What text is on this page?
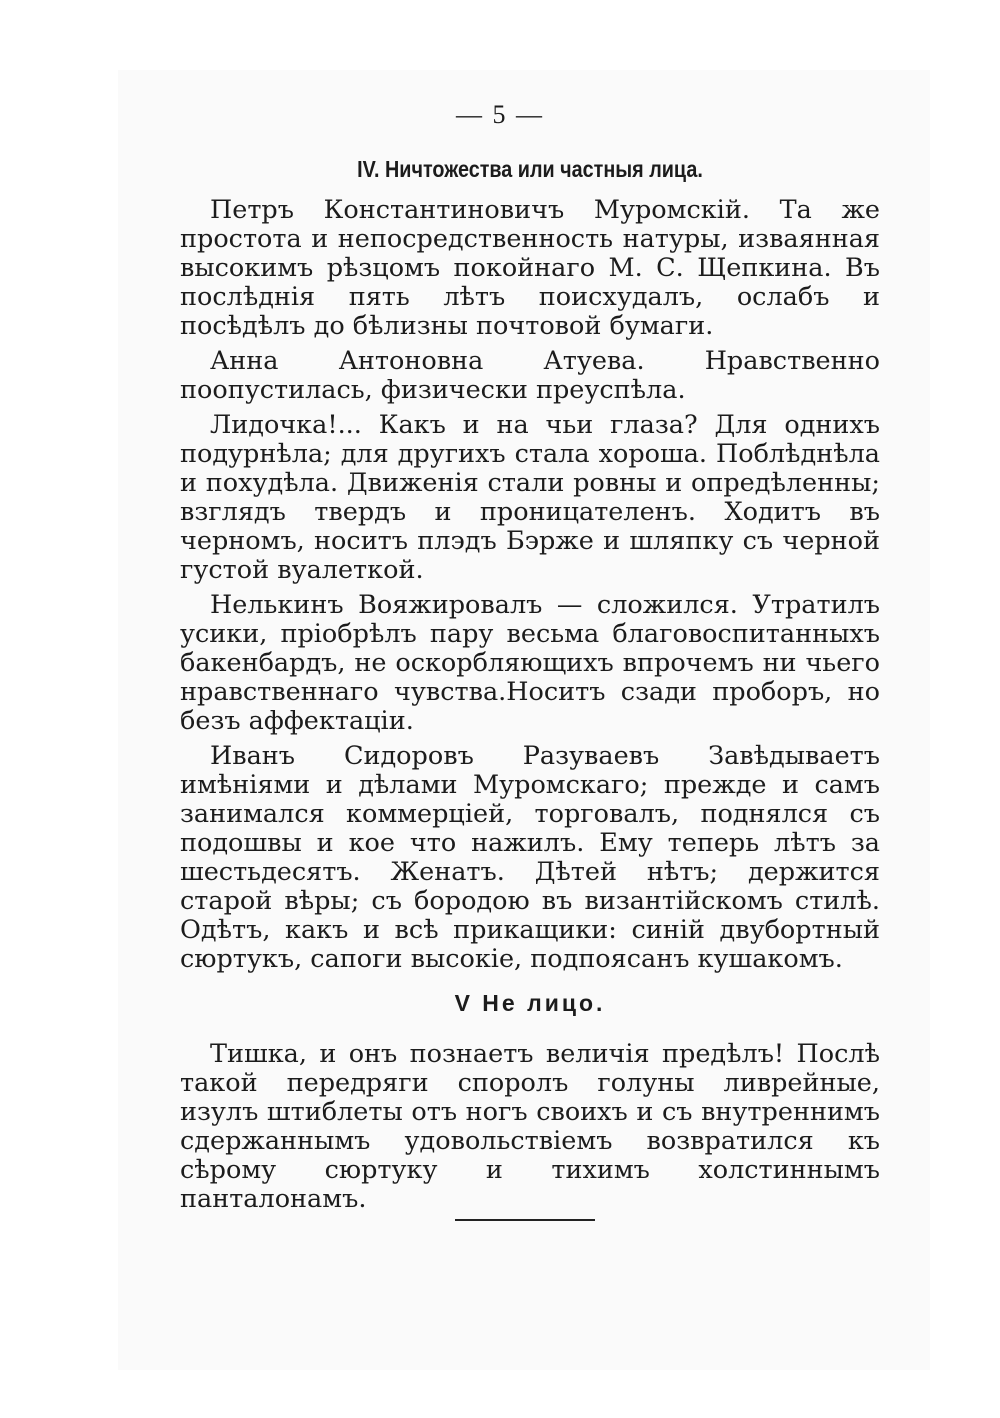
— 5 —
IV. Ничтожества или частныя лица.

Петръ Константиновичъ Муромскій. Та же простота и непосредственность натуры, изваянная высокимъ рѣзцомъ покойнаго М. С. Щепкина. Въ послѣднія пять лѣтъ поисхудалъ, ослабъ и посѣдѣлъ до бѣлизны почтовой бумаги.

Анна Антоновна Атуева. Нравственно поопустилась, физически преуспѣла.

Лидочка!... Какъ и на чьи глаза? Для однихъ подурнѣла; для другихъ стала хороша. Поблѣднѣла и похудѣла. Движенія стали ровны и опредѣленны; взглядъ твердъ и проницателенъ. Ходитъ въ черномъ, носитъ плэдъ Бэрже и шляпку съ черной густой вуалеткой.

Нелькинъ Вояжировалъ — сложился. Утратилъ усики, пріобрѣлъ пару весьма благовоспитанныхъ бакенбардъ, не оскорбляющихъ впрочемъ ни чьего нравственнаго чувства.Носитъ сзади проборъ, но безъ аффектаціи.

Иванъ Сидоровъ Разуваевъ Завѣдываетъ имѣніями и дѣлами Муромскаго; прежде и самъ занимался коммерціей, торговалъ, поднялся съ подошвы и кое что нажилъ. Ему теперь лѣтъ за шестьдесятъ. Женатъ. Дѣтей нѣтъ; держится старой вѣры; съ бородою въ византійскомъ стилѣ. Одѣтъ, какъ и всѣ прикащики: синій двубортный сюртукъ, сапоги высокіе, подпоясанъ кушакомъ.

V Не лицо.

Тишка, и онъ познаетъ величія предѣлъ! Послѣ такой передряги споролъ голуны ливрейные, изулъ штиблеты отъ ногъ своихъ и съ внутреннимъ сдержаннымъ удовольствіемъ возвратился къ сѣрому сюртуку и тихимъ холстиннымъ панталонамъ.
